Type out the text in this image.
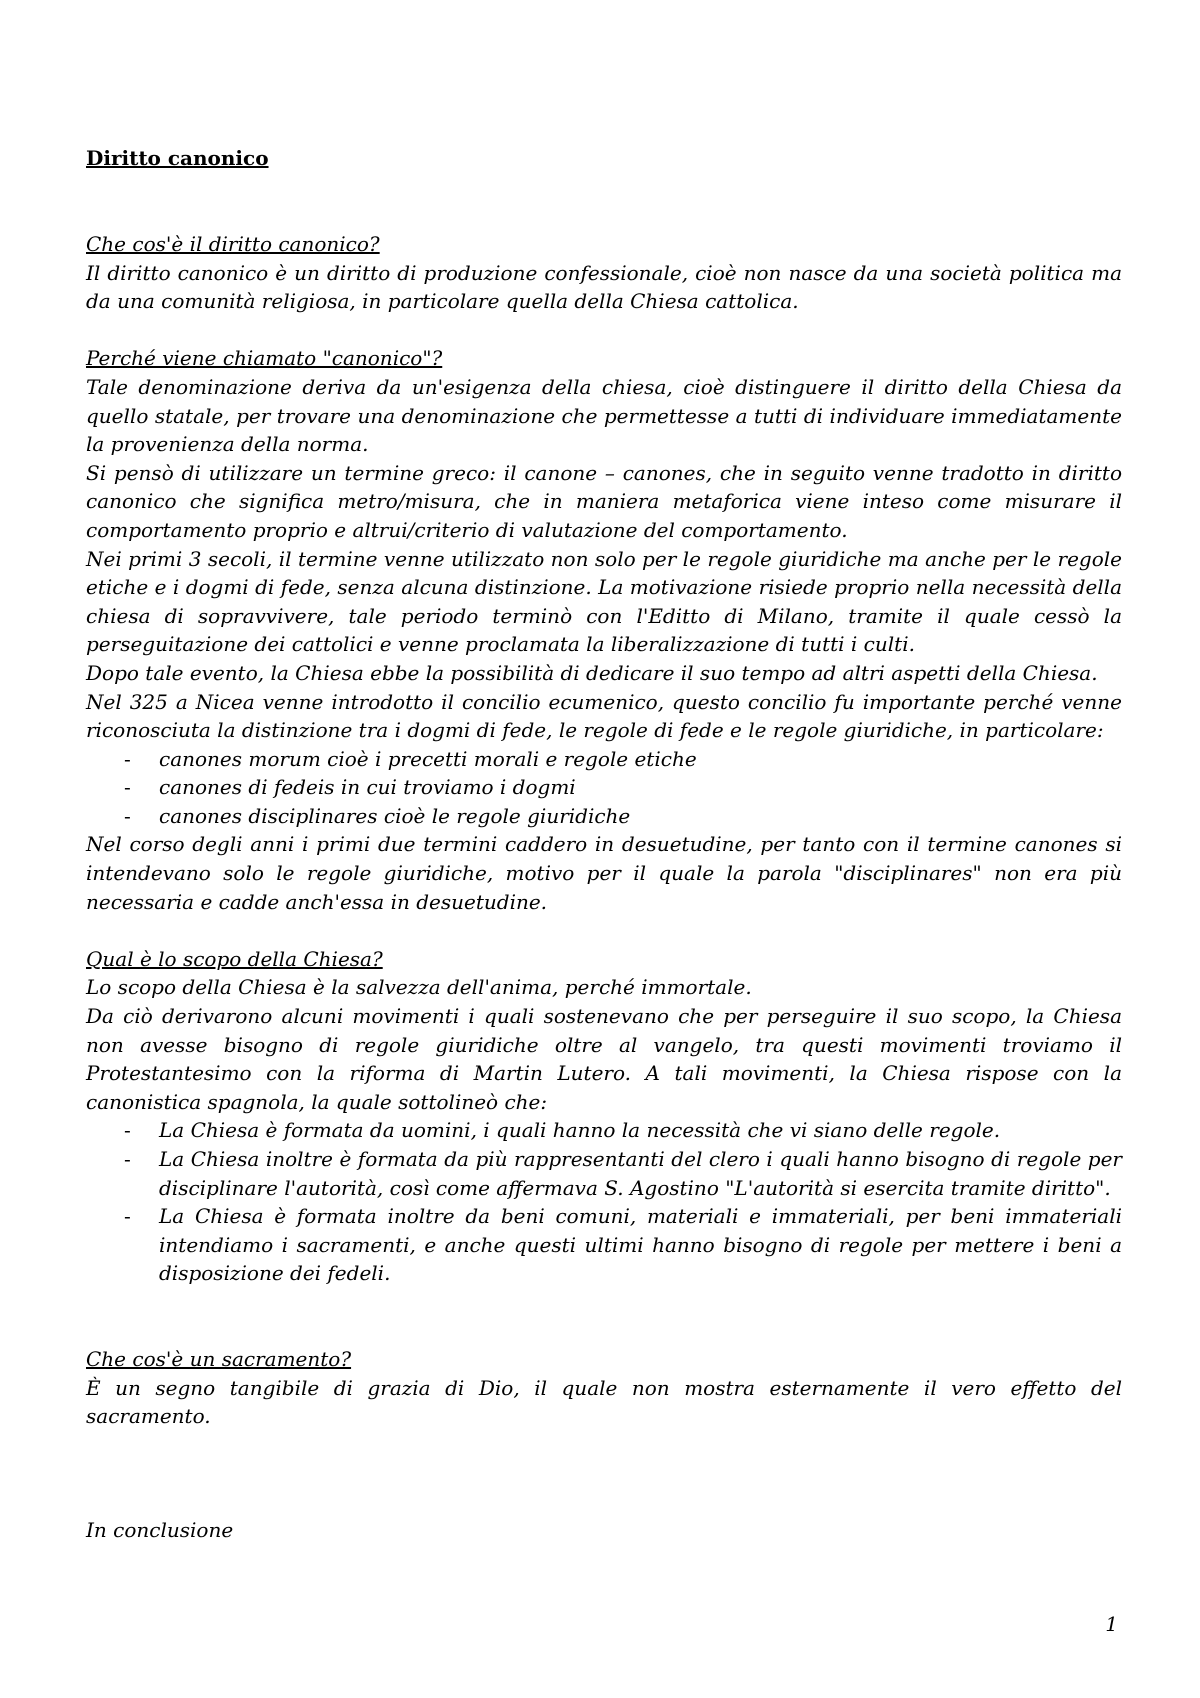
Diritto canonico

Che cos'è il diritto canonico?

Il diritto canonico è un diritto di produzione confessionale, cioè non nasce da una società politica ma da una comunità religiosa, in particolare quella della Chiesa cattolica.

Perché viene chiamato "canonico"?

Tale denominazione deriva da un'esigenza della chiesa, cioè distinguere il diritto della Chiesa da quello statale, per trovare una denominazione che permettesse a tutti di individuare immediatamente la provenienza della norma.

Si pensò di utilizzare un termine greco: il canone – canones, che in seguito venne tradotto in diritto canonico che significa metro/misura, che in maniera metaforica viene inteso come misurare il comportamento proprio e altrui/criterio di valutazione del comportamento.

Nei primi 3 secoli, il termine venne utilizzato non solo per le regole giuridiche ma anche per le regole etiche e i dogmi di fede, senza alcuna distinzione. La motivazione risiede proprio nella necessità della chiesa di sopravvivere, tale periodo terminò con l'Editto di Milano, tramite il quale cessò la perseguitazione dei cattolici e venne proclamata la liberalizzazione di tutti i culti.

Dopo tale evento, la Chiesa ebbe la possibilità di dedicare il suo tempo ad altri aspetti della Chiesa.

Nel 325 a Nicea venne introdotto il concilio ecumenico, questo concilio fu importante perché venne riconosciuta la distinzione tra i dogmi di fede, le regole di fede e le regole giuridiche, in particolare:

- canones morum cioè i precetti morali e regole etiche
- canones di fedeis in cui troviamo i dogmi
- canones disciplinares cioè le regole giuridiche

Nel corso degli anni i primi due termini caddero in desuetudine, per tanto con il termine canones si intendevano solo le regole giuridiche, motivo per il quale la parola "disciplinares" non era più necessaria e cadde anch'essa in desuetudine.

Qual è lo scopo della Chiesa?

Lo scopo della Chiesa è la salvezza dell'anima, perché immortale.

Da ciò derivarono alcuni movimenti i quali sostenevano che per perseguire il suo scopo, la Chiesa non avesse bisogno di regole giuridiche oltre al vangelo, tra questi movimenti troviamo il Protestantesimo con la riforma di Martin Lutero. A tali movimenti, la Chiesa rispose con la canonistica spagnola, la quale sottolineò che:

- La Chiesa è formata da uomini, i quali hanno la necessità che vi siano delle regole.
- La Chiesa inoltre è formata da più rappresentanti del clero i quali hanno bisogno di regole per disciplinare l'autorità, così come affermava S. Agostino "L'autorità si esercita tramite diritto".
- La Chiesa è formata inoltre da beni comuni, materiali e immateriali, per beni immateriali intendiamo i sacramenti, e anche questi ultimi hanno bisogno di regole per mettere i beni a disposizione dei fedeli.

Che cos'è un sacramento?

È un segno tangibile di grazia di Dio, il quale non mostra esternamente il vero effetto del sacramento.

In conclusione

1
